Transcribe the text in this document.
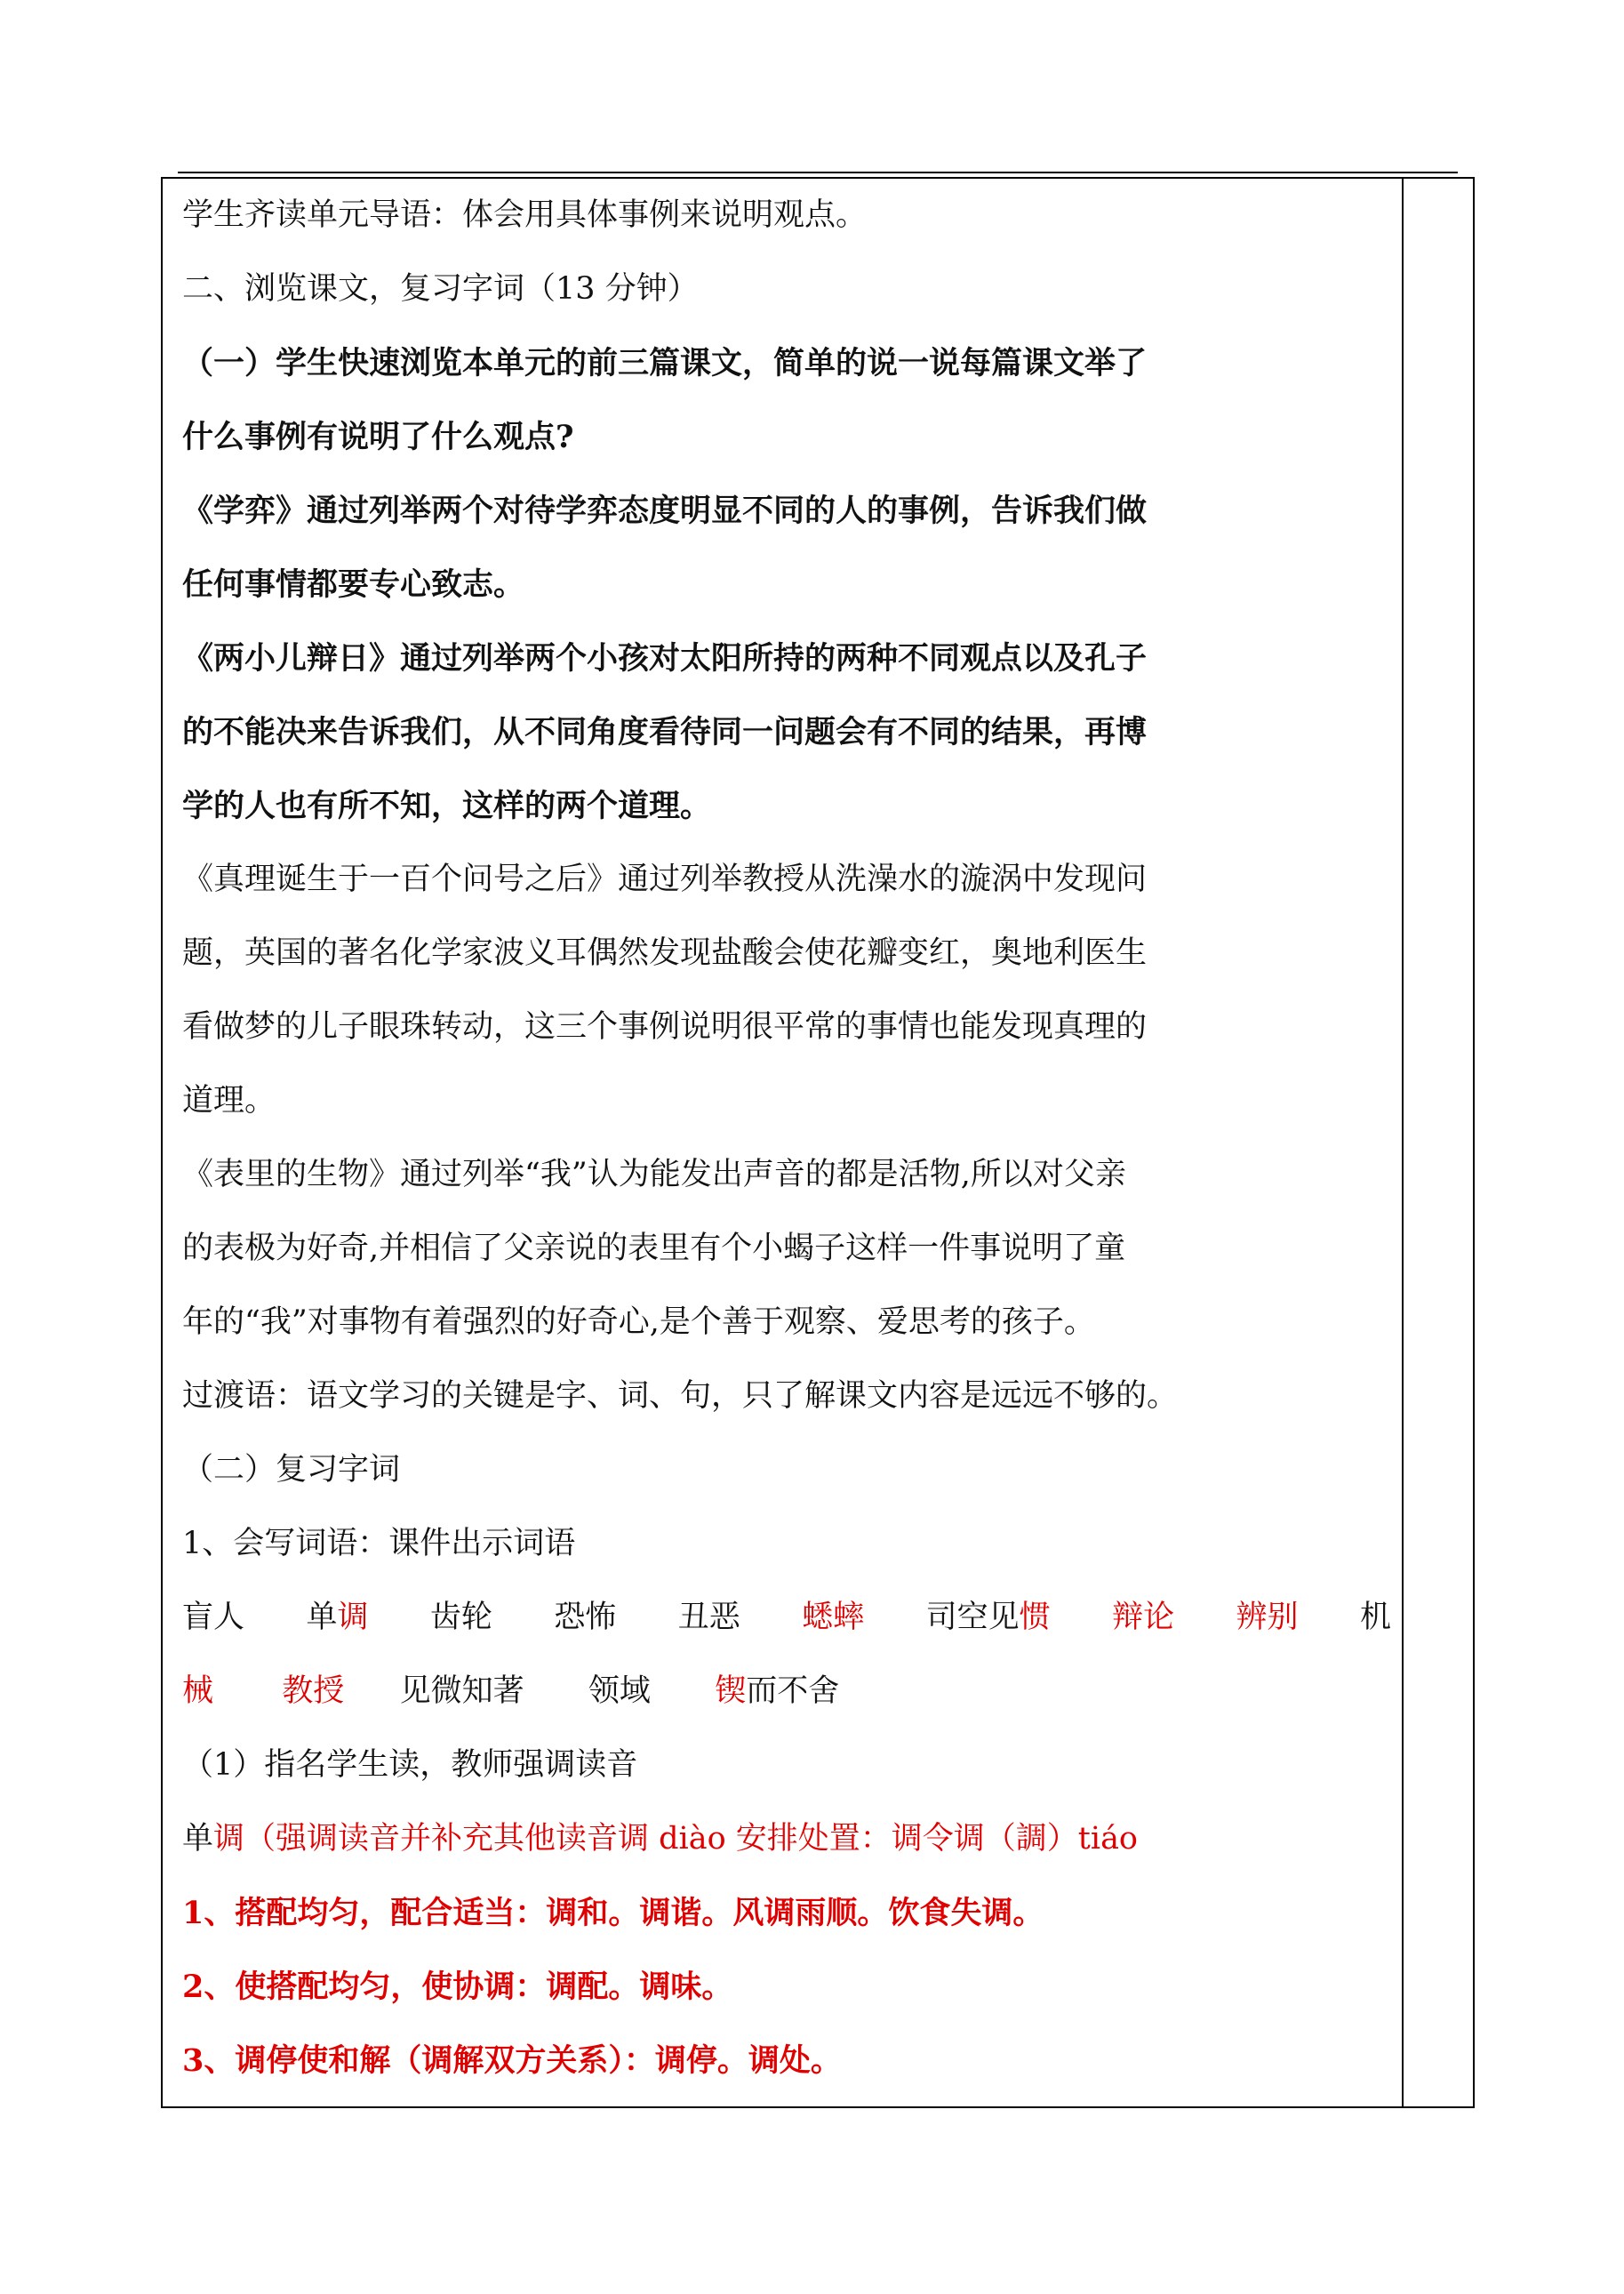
学生齐读单元导语：体会用具体事例来说明观点。
二、浏览课文，复习字词（13 分钟）
（一）学生快速浏览本单元的前三篇课文，简单的说一说每篇课文举了
什么事例有说明了什么观点?
《学弈》通过列举两个对待学弈态度明显不同的人的事例，告诉我们做
任何事情都要专心致志。
《两小儿辩日》通过列举两个小孩对太阳所持的两种不同观点以及孔子
的不能决来告诉我们，从不同角度看待同一问题会有不同的结果，再博
学的人也有所不知，这样的两个道理。
《真理诞生于一百个问号之后》通过列举教授从洗澡水的漩涡中发现问
题，英国的著名化学家波义耳偶然发现盐酸会使花瓣变红，奥地利医生
看做梦的儿子眼珠转动，这三个事例说明很平常的事情也能发现真理的
道理。
《表里的生物》通过列举“我”认为能发出声音的都是活物,所以对父亲
的表极为好奇,并相信了父亲说的表里有个小蝎子这样一件事说明了童
年的“我”对事物有着强烈的好奇心,是个善于观察、爱思考的孩子。
过渡语：语文学习的关键是字、词、句，只了解课文内容是远远不够的。
（二）复习字词
1、会写词语：课件出示词语
盲人 单调 齿轮 恐怖 丑恶 蟋蟀 司空见惯 辩论 辨别 机
械 教授 见微知著 领域 锲而不舍
（1）指名学生读，教师强调读音
单调（强调读音并补充其他读音调 diào 安排处置：调令调（調）tiáo
1、搭配均匀，配合适当：调和。调谐。风调雨顺。饮食失调。
2、使搭配均匀，使协调：调配。调味。
3、调停使和解（调解双方关系）：调停。调处。
